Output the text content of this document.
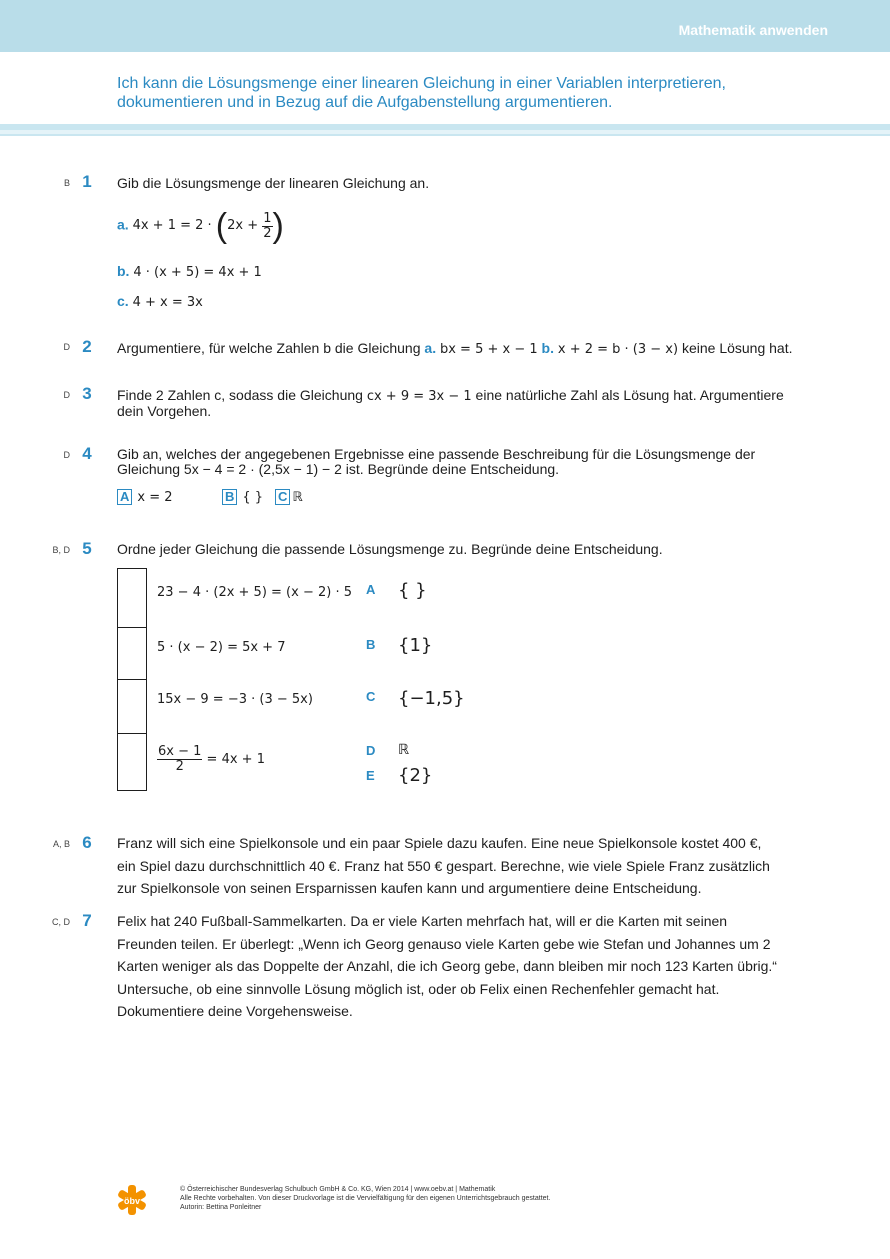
Mathematik anwenden
Ich kann die Lösungsmenge einer linearen Gleichung in einer Variablen interpretieren, dokumentieren und in Bezug auf die Aufgabenstellung argumentieren.
B 1	Gib die Lösungsmenge der linearen Gleichung an.
a. $4x + 1 = 2 \cdot (2x + \frac{1}{2}$ )
b. 4 · (x + 5) = 4x + 1
c. 4 + x = 3x
D 2	Argumentiere, für welche Zahlen b die Gleichung a. bx = 5 + x − 1 b. x + 2 = b · (3 − x) keine Lösung hat.
D 3	Finde 2 Zahlen c, sodass die Gleichung cx + 9 = 3x − 1 eine natürliche Zahl als Lösung hat. Argumentiere
dein Vorgehen.
D 4	Gib an, welches der angegebenen Ergebnisse eine passende Beschreibung für die Lösungsmenge der
Gleichung 5x − 4 = 2 · (2,5x − 1) − 2 ist. Begründe deine Entscheidung.
A x = 2	B { } C ℝ
B, D 5	Ordne jeder Gleichung die passende Lösungsmenge zu. Begründe deine Entscheidung.
23 − 4 · (2x + 5) = (x − 2) · 5
5 · (x − 2) = 5x + 7
15x − 9 = −3 · (3 − 5x)
$\frac{6x - 1}{2} = 4x + 1$
A { }
B {1}
C {−1,5}
D ℝ
E {2}
A, B 6	Franz will sich eine Spielkonsole und ein paar Spiele dazu kaufen. Eine neue Spielkonsole kostet 400 €,
ein Spiel dazu durchschnittlich 40 €. Franz hat 550 € gespart. Berechne, wie viele Spiele Franz zusätzlich
zur Spielkonsole von seinen Ersparnissen kaufen kann und argumentiere deine Entscheidung.
C, D 7	Felix hat 240 Fußball-Sammelkarten. Da er viele Karten mehrfach hat, will er die Karten mit seinen
Freunden teilen. Er überlegt: „Wenn ich Georg genauso viele Karten gebe wie Stefan und Johannes um 2
Karten weniger als das Doppelte der Anzahl, die ich Georg gebe, dann bleiben mir noch 123 Karten übrig.“
Untersuche, ob eine sinnvolle Lösung möglich ist, oder ob Felix einen Rechenfehler gemacht hat.
Dokumentiere deine Vorgehensweise.
öbv
© Österreichischer Bundesverlag Schulbuch GmbH & Co. KG, Wien 2014 | www.oebv.at | Mathematik
Alle Rechte vorbehalten. Von dieser Druckvorlage ist die Vervielfältigung für den eigenen Unterrichtsgebrauch gestattet.
Autorin: Bettina Ponleitner
